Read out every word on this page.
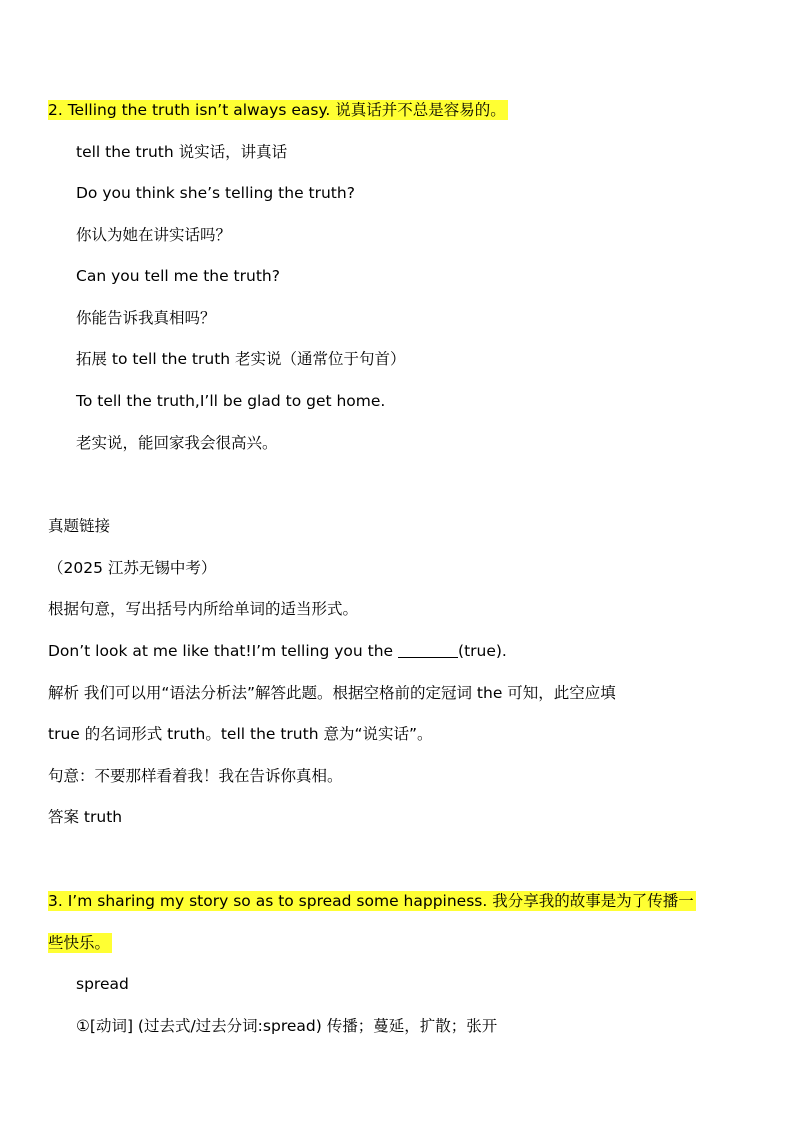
2. Telling the truth isn’t always easy. 说真话并不总是容易的。
tell the truth 说实话，讲真话
Do you think she’s telling the truth?
你认为她在讲实话吗？
Can you tell me the truth?
你能告诉我真相吗？
拓展 to tell the truth 老实说（通常位于句首）
To tell the truth,I’ll be glad to get home.
老实说，能回家我会很高兴。
真题链接
（2025 江苏无锡中考）
根据句意，写出括号内所给单词的适当形式。
Don’t look at me like that!I’m telling you the	(true).
解析 我们可以用“语法分析法”解答此题。根据空格前的定冠词 the 可知，此空应填
true 的名词形式 truth。tell the truth 意为“说实话”。
句意：不要那样看着我！我在告诉你真相。
答案 truth
3. I’m sharing my story so as to spread some happiness. 我分享我的故事是为了传播一
些快乐。
spread
①[动词] (过去式/过去分词:spread) 传播；蔓延，扩散；张开
